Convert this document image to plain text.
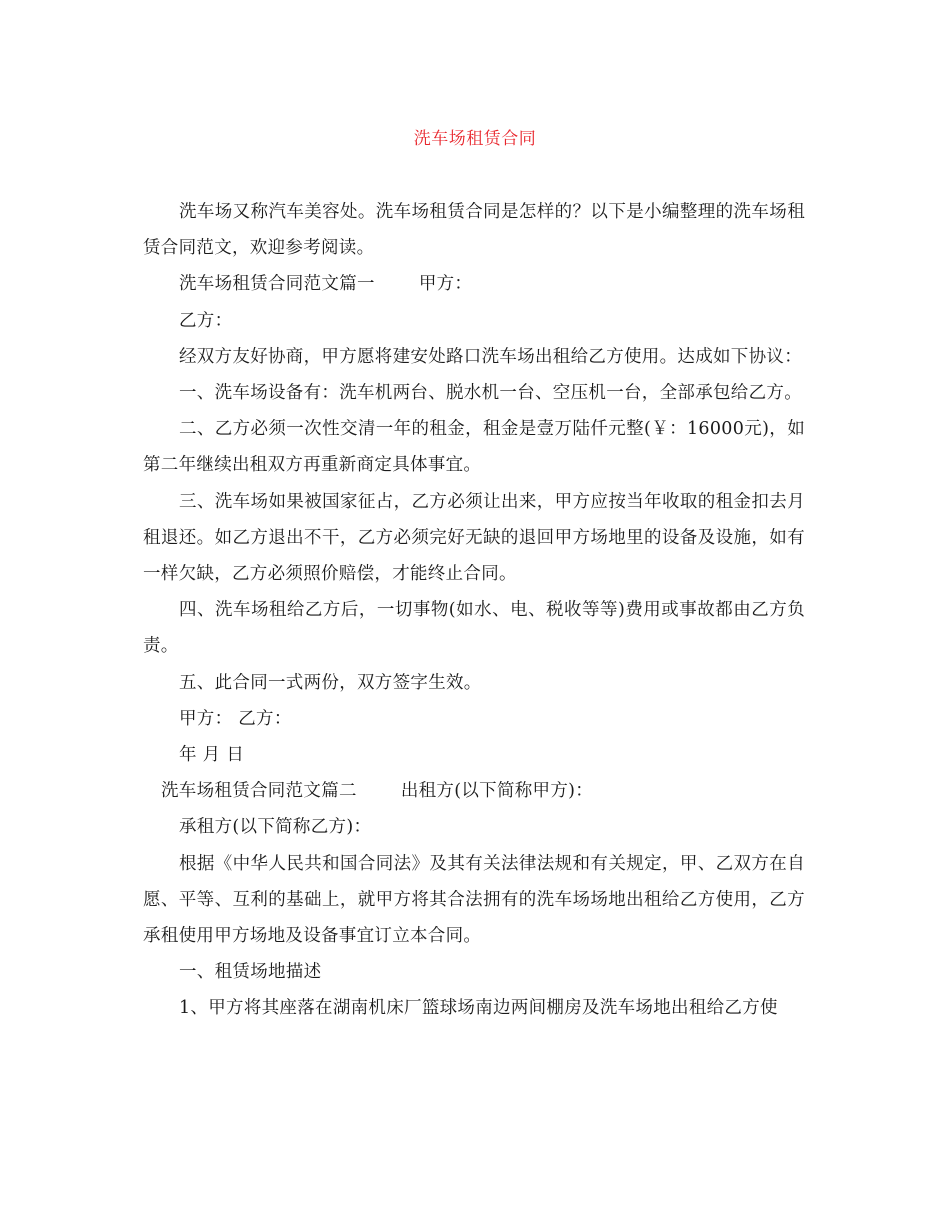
洗车场租赁合同

洗车场又称汽车美容处。洗车场租赁合同是怎样的？以下是小编整理的洗车场租赁合同范文，欢迎参考阅读。

洗车场租赁合同范文篇一	甲方：

乙方：

经双方友好协商，甲方愿将建安处路口洗车场出租给乙方使用。达成如下协议：

一、洗车场设备有：洗车机两台、脱水机一台、空压机一台，全部承包给乙方。

二、乙方必须一次性交清一年的租金，租金是壹万陆仟元整(￥：16000元)，如第二年继续出租双方再重新商定具体事宜。

三、洗车场如果被国家征占，乙方必须让出来，甲方应按当年收取的租金扣去月租退还。如乙方退出不干，乙方必须完好无缺的退回甲方场地里的设备及设施，如有一样欠缺，乙方必须照价赔偿，才能终止合同。

四、洗车场租给乙方后，一切事物(如水、电、税收等等)费用或事故都由乙方负责。

五、此合同一式两份，双方签字生效。

甲方： 乙方：

年 月 日

洗车场租赁合同范文篇二	出租方(以下简称甲方)：

承租方(以下简称乙方)：

根据《中华人民共和国合同法》及其有关法律法规和有关规定，甲、乙双方在自愿、平等、互利的基础上，就甲方将其合法拥有的洗车场场地出租给乙方使用，乙方承租使用甲方场地及设备事宜订立本合同。

一、租赁场地描述

1、甲方将其座落在湖南机床厂篮球场南边两间棚房及洗车场地出租给乙方使
